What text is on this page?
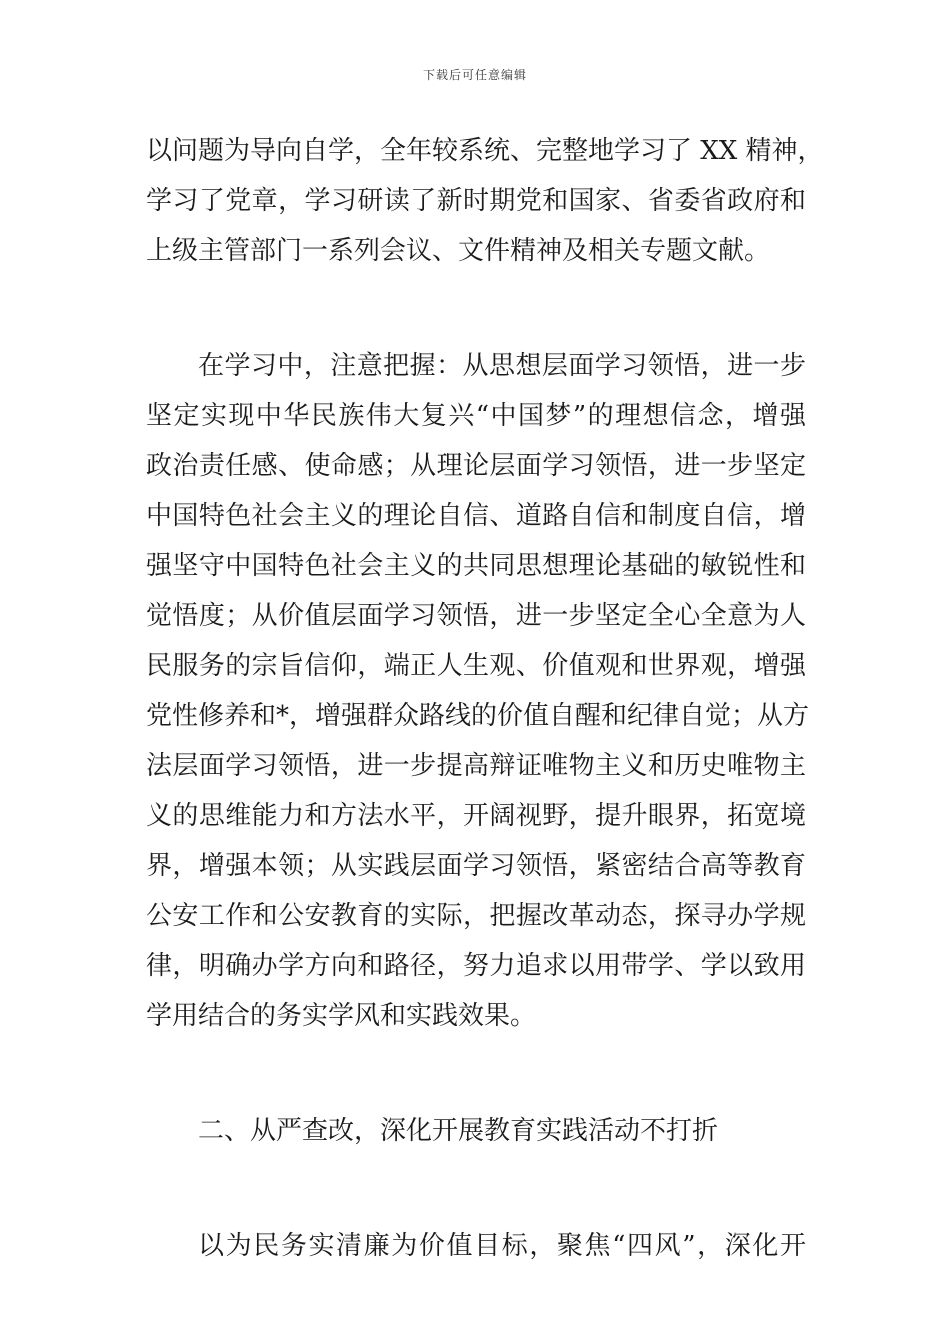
下载后可任意编辑
以问题为导向自学，全年较系统、完整地学习了 XX 精神，
学习了党章，学习研读了新时期党和国家、省委省政府和
上级主管部门一系列会议、文件精神及相关专题文献。
在学习中，注意把握：从思想层面学习领悟，进一步
坚定实现中华民族伟大复兴“中国梦”的理想信念，增强
政治责任感、使命感；从理论层面学习领悟，进一步坚定
中国特色社会主义的理论自信、道路自信和制度自信，增
强坚守中国特色社会主义的共同思想理论基础的敏锐性和
觉悟度；从价值层面学习领悟，进一步坚定全心全意为人
民服务的宗旨信仰，端正人生观、价值观和世界观，增强
党性修养和*，增强群众路线的价值自醒和纪律自觉；从方
法层面学习领悟，进一步提高辩证唯物主义和历史唯物主
义的思维能力和方法水平，开阔视野，提升眼界，拓宽境
界，增强本领；从实践层面学习领悟，紧密结合高等教育
公安工作和公安教育的实际，把握改革动态，探寻办学规
律，明确办学方向和路径，努力追求以用带学、学以致用
学用结合的务实学风和实践效果。
二、从严查改，深化开展教育实践活动不打折
以为民务实清廉为价值目标，聚焦“四风”，深化开
